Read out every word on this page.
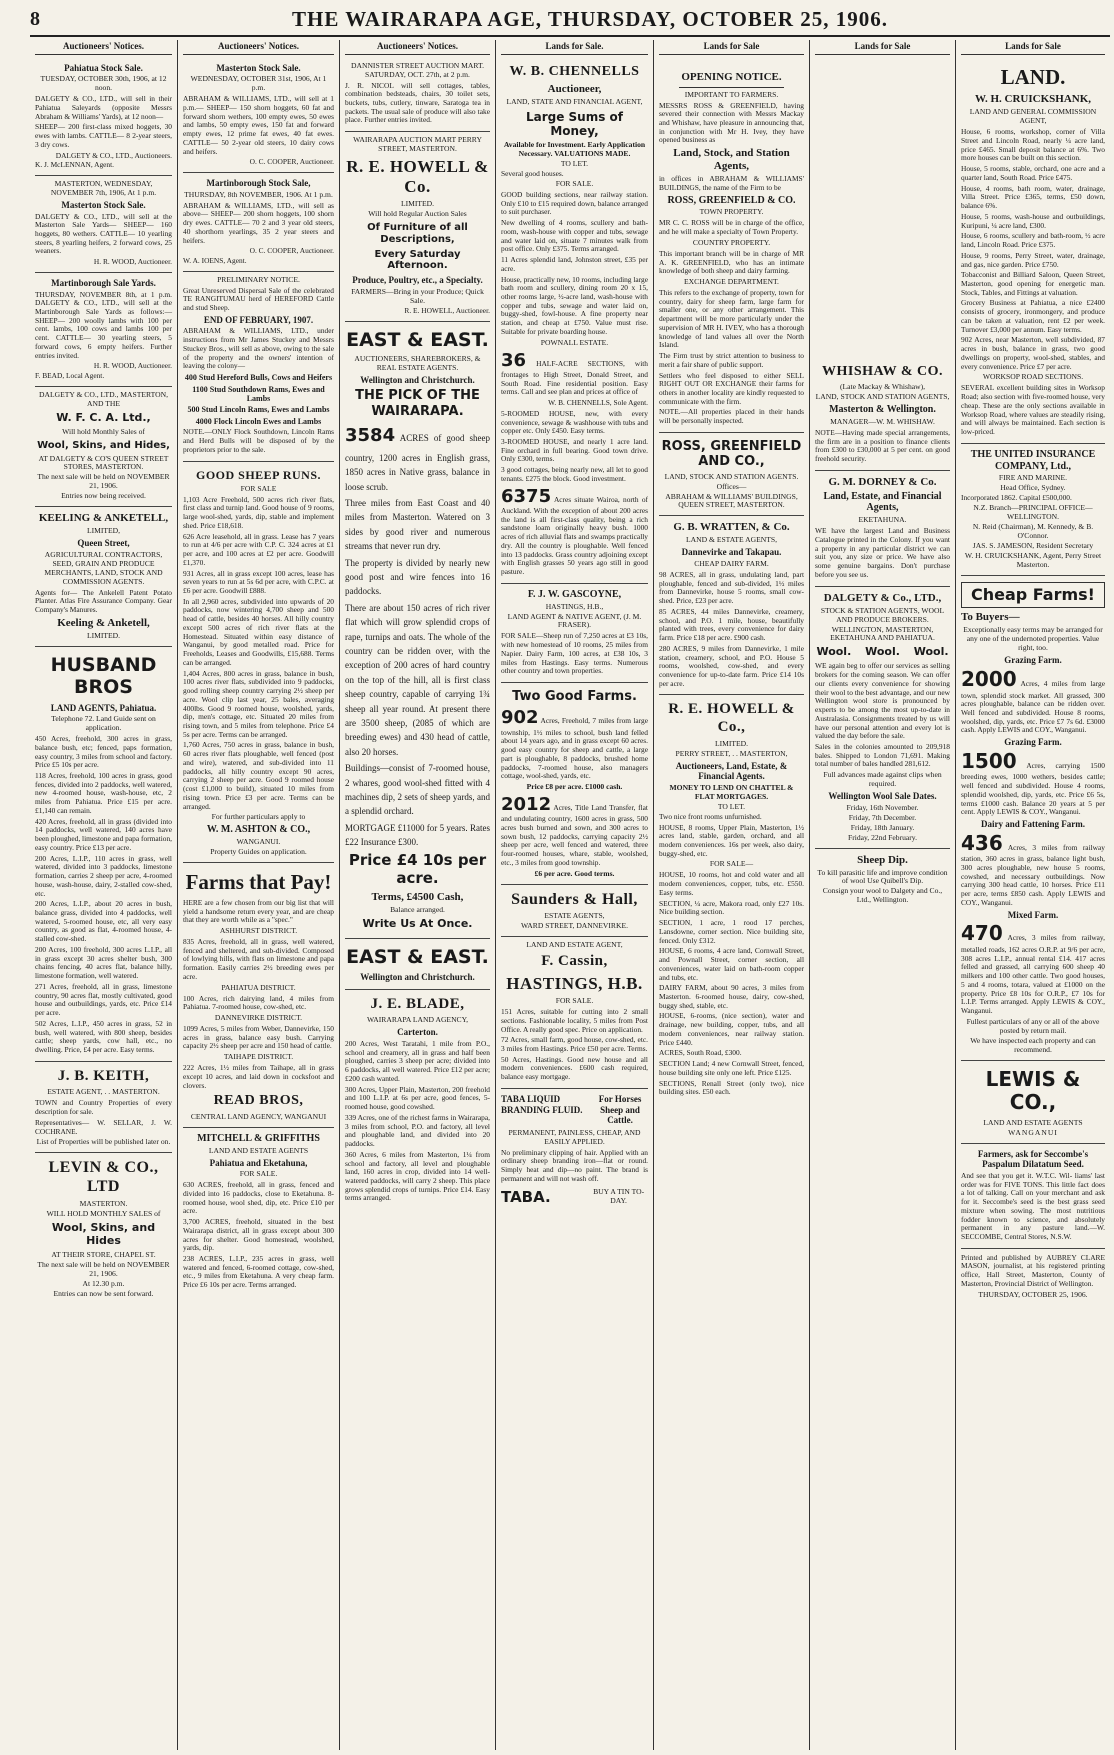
8	THE WAIRARAPA AGE, THURSDAY, OCTOBER 25, 1906.
Auctioneers' Notices.
Pahiatua Stock Sale.
TUESDAY, OCTOBER 30th, 1906, at 12 noon.
DALGETY & CO., LTD., will sell in their Pahiatua Saleyards (opposite Messrs Abraham & Williams' Yards), at 12 noon—
SHEEP— 200 first-class mixed hoggets, 30 ewes with lambs. CATTLE— 8 2-year steers, 3 dry cows.
DALGETY & CO., LTD., Auctioneers.
K. J. McLENNAN, Agent.
MASTERTON, WEDNESDAY, NOVEMBER 7th, 1906, At 1 p.m.
Masterton Stock Sale.
DALGETY & CO., LTD., will sell at the Masterton Sale Yards— SHEEP— 160 hoggets, 80 wethers. CATTLE— 10 yearling steers, 8 yearling heifers, 2 forward cows, 25 weaners.
H. R. WOOD, Auctioneer.
Martinborough Sale Yards.
THURSDAY, NOVEMBER 8th, at 1 p.m. DALGETY & CO., LTD., will sell at the Martinborough Sale Yards as follows:— SHEEP— 200 woolly lambs with 100 per cent. lambs, 100 cows and lambs 100 per cent. CATTLE— 30 yearling steers, 5 forward cows, 6 empty heifers. Further entries invited.
H. R. WOOD, Auctioneer.
F. BEAD, Local Agent.
DALGETY & CO., LTD., MASTERTON, AND THE
W. F. C. A. Ltd.,
Will hold Monthly Sales of
Wool, Skins, and Hides,
AT DALGETY & CO'S QUEEN STREET STORES, MASTERTON.
The next sale will be held on NOVEMBER 21, 1906.
Entries now being received.
KEELING & ANKETELL,
LIMITED,
Queen Street,
AGRICULTURAL CONTRACTORS, SEED, GRAIN AND PRODUCE MERCHANTS, LAND, STOCK AND COMMISSION AGENTS.
Agents for— The Ankelell Patent Potato Planter. Atlas Fire Assurance Company. Gear Company's Manures.
Keeling & Anketell,
LIMITED.
HUSBAND BROS
LAND AGENTS, Pahiatua.
Telephone 72. Land Guide sent on application.
450 Acres, freehold, 300 acres in grass, balance bush, etc; fenced, paps formation, easy country, 3 miles from school and factory. Price £5 10s per acre.
118 Acres, freehold, 100 acres in grass, good fences, divided into 2 paddocks, well watered, new 4-roomed house, wash-house, etc, 2 miles from Pahiatua. Price £15 per acre. £1,140 can remain.
420 Acres, freehold, all in grass (divided into 14 paddocks, well watered, 140 acres have been ploughed, limestone and papa formation, easy country. Price £13 per acre.
200 Acres, L.I.P., 110 acres in grass, well watered, divided into 3 paddocks, limestone formation, carries 2 sheep per acre, 4-roomed house, wash-house, dairy, 2-stalled cow-shed, etc.
200 Acres, L.I.P., about 20 acres in bush, balance grass, divided into 4 paddocks, well watered, 5-roomed house, etc, all very easy country, as good as flat, 4-roomed house, 4-stalled cow-shed.
200 Acres, 100 freehold, 300 acres L.I.P., all in grass except 30 acres shelter bush, 300 chains fencing, 40 acres flat, balance hilly, limestone formation, well watered.
271 Acres, freehold, all in grass, limestone country, 90 acres flat, mostly cultivated, good house and outbuildings, yards, etc. Price £14 per acre.
502 Acres, L.I.P., 450 acres in grass, 52 in bush, well watered, with 800 sheep, besides cattle; sheep yards, cow hall, etc., no dwelling. Price, £4 per acre. Easy terms.
J. B. KEITH,
ESTATE AGENT, . . MASTERTON.
TOWN and Country Properties of every description for sale.
Representatives— W. SELLAR, J. W. COCHRANE.
List of Properties will be published later on.
LEVIN & CO., LTD
MASTERTON.
WILL HOLD MONTHLY SALES of
Wool, Skins, and Hides
AT THEIR STORE, CHAPEL ST.
The next sale will be held on NOVEMBER 21, 1906.
At 12.30 p.m.
Entries can now be sent forward.
Auctioneers' Notices.
Masterton Stock Sale.
WEDNESDAY, OCTOBER 31st, 1906, At 1 p.m.
ABRAHAM & WILLIAMS, LTD., will sell at 1 p.m.— SHEEP— 150 shorn hoggets, 60 fat and forward shorn wethers, 100 empty ewes, 50 ewes and lambs, 50 empty ewes, 150 fat and forward empty ewes, 12 prime fat ewes, 40 fat ewes. CATTLE— 50 2-year old steers, 10 dairy cows and heifers.
O. C. COOPER, Auctioneer.
Martinborough Stock Sale,
THURSDAY, 8th NOVEMBER, 1906. At 1 p.m.
ABRAHAM & WILLIAMS, LTD., will sell as above— SHEEP— 200 shorn hoggets, 100 shorn dry ewes. CATTLE— 70 2 and 3 year old steers, 40 shorthorn yearlings, 35 2 year steers and heifers.
O. C. COOPER, Auctioneer.
W. A. IOENS, Agent.
PRELIMINARY NOTICE.
Great Unreserved Dispersal Sale of the celebrated TE RANGITUMAU herd of HEREFORD Cattle and stud Sheep.
END OF FEBRUARY, 1907.
ABRAHAM & WILLIAMS, LTD., under instructions from Mr James Stuckey and Messrs Stuckey Bros., will sell as above, owing to the sale of the property and the owners' intention of leaving the colony—
400 Stud Hereford Bulls, Cows and Heifers
1100 Stud Southdown Rams, Ewes and Lambs
500 Stud Lincoln Rams, Ewes and Lambs
4000 Flock Lincoln Ewes and Lambs
NOTE.—ONLY Flock Southdown, Lincoln Rams and Herd Bulls will be disposed of by the proprietors prior to the sale.
GOOD SHEEP RUNS.
FOR SALE
1,103 Acre Freehold, 500 acres rich river flats, first class and turnip land. Good house of 9 rooms, large wool-shed, yards, dip, stable and implement shed. Price £18,618.
626 Acre leasehold, all in grass. Lease has 7 years to run at 4/6 per acre with C.P. C. 324 acres at £1 per acre, and 100 acres at £2 per acre. Goodwill £1,370.
931 Acres, all in grass except 100 acres, lease has seven years to run at 5s 6d per acre, with C.P.C. at £6 per acre. Goodwill £888.
In all 2,960 acres, subdivided into upwards of 20 paddocks, now wintering 4,700 sheep and 500 head of cattle, besides 40 horses. All hilly country except 500 acres of rich river flats at the Homestead. Situated within easy distance of Wanganui, by good metalled road. Price for Freeholds, Leases and Goodwills, £15,688. Terms can be arranged.
1,404 Acres, 800 acres in grass, balance in bush, 100 acres river flats, subdivided into 9 paddocks, good rolling sheep country carrying 2½ sheep per acre. Wool clip last year, 25 bales, averaging 400lbs. Good 9 roomed house, woolshed, yards, dip, men's cottage, etc. Situated 20 miles from rising town, and 5 miles from telephone. Price £4 5s per acre. Terms can be arranged.
1,760 Acres, 750 acres in grass, balance in bush, 60 acres river flats ploughable, well fenced (post and wire), watered, and sub-divided into 11 paddocks, all hilly country except 90 acres, carrying 2 sheep per acre. Good 9 roomed house (cost £1,000 to build), situated 10 miles from rising town. Price £3 per acre. Terms can be arranged.
For further particulars apply to
W. M. ASHTON & CO.,
WANGANUI.
Property Guides on application.
Farms that Pay!
HERE are a few chosen from our big list that will yield a handsome return every year, and are cheap that they are worth while as a "spec."
ASHHURST DISTRICT.
835 Acres, freehold, all in grass, well watered, fenced and sheltered, and sub-divided. Composed of lowlying hills, with flats on limestone and papa formation. Easily carries 2½ breeding ewes per acre.
PAHIATUA DISTRICT.
100 Acres, rich dairying land, 4 miles from Pahiatua. 7-roomed house, cow-shed, etc.
DANNEVIRKE DISTRICT.
1099 Acres, 5 miles from Weber, Dannevirke, 150 acres in grass, balance easy bush. Carrying capacity 2½ sheep per acre and 150 head of cattle.
TAIHAPE DISTRICT.
222 Acres, 1½ miles from Taihape, all in grass except 10 acres, and laid down in cocksfoot and clovers.
READ BROS,
CENTRAL LAND AGENCY, WANGANUI
MITCHELL & GRIFFITHS
LAND AND ESTATE AGENTS
Pahiatua and Eketahuna,
FOR SALE.
630 ACRES, freehold, all in grass, fenced and divided into 16 paddocks, close to Eketahuna. 8-roomed house, wool shed, dip, etc. Price £10 per acre.
3,700 ACRES, freehold, situated in the best Wairarapa district, all in grass except about 300 acres for shelter. Good homestead, woolshed, yards, dip.
238 ACRES, L.I.P., 235 acres in grass, well watered and fenced, 6-roomed cottage, cow-shed, etc., 9 miles from Eketahuna. A very cheap farm. Price £6 10s per acre. Terms arranged.
Auctioneers' Notices.
DANNISTER STREET AUCTION MART. SATURDAY, OCT. 27th, at 2 p.m.
J. R. NICOL will sell cottages, tables, combination bedsteads, chairs, 30 toilet sets, buckets, tubs, cutlery, tinware, Saratoga tea in packets. The usual sale of produce will also take place. Further entries invited.
WAIRARAPA AUCTION MART PERRY STREET, MASTERTON.
R. E. HOWELL & Co.
LIMITED.
Will hold Regular Auction Sales
Of Furniture of all Descriptions,
Every Saturday Afternoon.
Produce, Poultry, etc., a Specialty.
FARMERS—Bring in your Produce; Quick Sale.
R. E. HOWELL, Auctioneer.
EAST & EAST.
AUCTIONEERS, SHAREBROKERS, & REAL ESTATE AGENTS.
Wellington and Christchurch.
THE PICK OF THE WAIRARAPA.
3584 ACRES of good sheep country, 1200 acres in English grass, 1850 acres in Native grass, balance in loose scrub.
Three miles from East Coast and 40 miles from Masterton. Watered on 3 sides by good river and numerous streams that never run dry.
The property is divided by nearly new good post and wire fences into 16 paddocks.
There are about 150 acres of rich river flat which will grow splendid crops of rape, turnips and oats. The whole of the country can be ridden over, with the exception of 200 acres of hard country on the top of the hill, all is first class sheep country, capable of carrying 1¾ sheep all year round. At present there are 3500 sheep, (2085 of which are breeding ewes) and 430 head of cattle, also 20 horses.
Buildings—consist of 7-roomed house, 2 whares, good wool-shed fitted with 4 machines dip, 2 sets of sheep yards, and a splendid orchard.
MORTGAGE £11000 for 5 years. Rates £22 Insurance £300.
Price £4 10s per acre.
Terms, £4500 Cash,
Balance arranged.
Write Us At Once.
EAST & EAST.
Wellington and Christchurch.
J. E. BLADE,
WAIRARAPA LAND AGENCY,
Carterton.
200 Acres, West Taratahi, 1 mile from P.O., school and creamery, all in grass and half been ploughed, carries 3 sheep per acre; divided into 6 paddocks, all well watered. Price £12 per acre; £200 cash wanted.
300 Acres, Upper Plain, Masterton, 200 freehold and 100 L.I.P. at 6s per acre, good fences, 5-roomed house, good cowshed.
339 Acres, one of the richest farms in Wairarapa, 3 miles from school, P.O. and factory, all level and ploughable land, and divided into 20 paddocks.
360 Acres, 6 miles from Masterton, 1¼ from school and factory, all level and ploughable land, 160 acres in crop, divided into 14 well-watered paddocks, will carry 2 sheep. This place grows splendid crops of turnips. Price £14. Easy terms arranged.
Lands for Sale.
W. B. CHENNELLS
Auctioneer,
LAND, STATE AND FINANCIAL AGENT,
Large Sums of Money,
Available for Investment. Early Application Necessary. VALUATIONS MADE.
TO LET.
Several good houses.
FOR SALE.
GOOD building sections, near railway station. Only £10 to £15 required down, balance arranged to suit purchaser.
New dwelling of 4 rooms, scullery and bath-room, wash-house with copper and tubs, sewage and water laid on, situate 7 minutes walk from post office. Only £375. Terms arranged.
11 Acres splendid land, Johnston street, £35 per acre.
House, practically new, 10 rooms, including large bath room and scullery, dining room 20 x 15, other rooms large, ½-acre land, wash-house with copper and tubs, sewage and water laid on, buggy-shed, fowl-house. A fine property near station, and cheap at £750. Value must rise. Suitable for private boarding house.
POWNALL ESTATE.
36 HALF-ACRE SECTIONS, with frontages to High Street, Donald Street, and South Road. Fine residential position. Easy terms. Call and see plan and prices at office of
W. B. CHENNELLS, Sole Agent.
5-ROOMED HOUSE, new, with every convenience, sewage & washhouse with tubs and copper etc. Only £450. Easy terms.
3-ROOMED HOUSE, and nearly 1 acre land. Fine orchard in full bearing. Good town drive. Only £300, terms.
3 good cottages, being nearly new, all let to good tenants. £275 the block. Good investment.
6375 Acres situate Wairoa, north of Auckland. With the exception of about 200 acres the land is all first-class quality, being a rich sandstone loam originally heavy bush. 1000 acres of rich alluvial flats and swamps practically dry. All the country is ploughable. Well fenced into 13 paddocks. Grass country adjoining except with English grasses 50 years ago still in good pasture.
F. J. W. GASCOYNE,
HASTINGS, H.B.,
LAND AGENT & NATIVE AGENT, (J. M. FRASER).
FOR SALE—Sheep run of 7,250 acres at £3 10s, with new homestead of 10 rooms, 25 miles from Napier. Dairy Farm, 100 acres, at £38 10s, 3 miles from Hastings. Easy terms. Numerous other country and town properties.
Two Good Farms.
902 Acres, Freehold, 7 miles from large township, 1½ miles to school, bush land felled about 14 years ago, and in grass except 60 acres. good easy country for sheep and cattle, a large part is ploughable, 8 paddocks, brushed home paddocks, 7-roomed house, also managers cottage, wool-shed, yards, etc.
Price £8 per acre. £1000 cash.
2012 Acres, Title Land Transfer, flat and undulating country, 1600 acres in grass, 500 acres bush burned and sown, and 300 acres to sown bush, 12 paddocks, carrying capacity 2½ sheep per acre, well fenced and watered, three four-roomed houses, whare, stable, woolshed, etc., 3 miles from good township.
£6 per acre. Good terms.
Saunders & Hall,
ESTATE AGENTS,
WARD STREET, DANNEVIRKE.
LAND AND ESTATE AGENT,
F. Cassin,
HASTINGS, H.B.
FOR SALE.
151 Acres, suitable for cutting into 2 small sections. Fashionable locality, 5 miles from Post Office. A really good spec. Price on application.
72 Acres, small farm, good house, cow-shed, etc. 3 miles from Hastings. Price £50 per acre. Terms.
50 Acres, Hastings. Good new house and all modern conveniences. £600 cash required, balance easy mortgage.
TABA LIQUID BRANDING FLUID.
For Horses Sheep and Cattle.
PERMANENT, PAINLESS, CHEAP, AND EASILY APPLIED.
No preliminary clipping of hair. Applied with an ordinary sheep branding iron—flat or round. Simply heat and dip—no paint. The brand is permanent and will not wash off.
TABA.	BUY A TIN TO-DAY.
Lands for Sale
OPENING NOTICE.
IMPORTANT TO FARMERS.
MESSRS ROSS & GREENFIELD, having severed their connection with Messrs Mackay and Whishaw, have pleasure in announcing that, in conjunction with Mr H. Ivey, they have opened business as
Land, Stock, and Station Agents,
in offices in ABRAHAM & WILLIAMS' BUILDINGS, the name of the Firm to be
ROSS, GREENFIELD & CO.
TOWN PROPERTY.
MR C. C. ROSS will be in charge of the office, and he will make a specialty of Town Property.
COUNTRY PROPERTY.
This important branch will be in charge of MR A. K. GREENFIELD, who has an intimate knowledge of both sheep and dairy farming.
EXCHANGE DEPARTMENT.
This refers to the exchange of property, town for country, dairy for sheep farm, large farm for smaller one, or any other arrangement. This department will be more particularly under the supervision of MR H. IVEY, who has a thorough knowledge of land values all over the North Island.
The Firm trust by strict attention to business to merit a fair share of public support.
Settlers who feel disposed to either SELL RIGHT OUT OR EXCHANGE their farms for others in another locality are kindly requested to communicate with the firm.
NOTE.—All properties placed in their hands will be personally inspected.
ROSS, GREENFIELD AND CO.,
LAND, STOCK AND STATION AGENTS.
Offices—
ABRAHAM & WILLIAMS' BUILDINGS, QUEEN STREET, MASTERTON.
G. B. WRATTEN, & Co.
LAND & ESTATE AGENTS,
Dannevirke and Takapau.
CHEAP DAIRY FARM.
98 ACRES, all in grass, undulating land, part ploughable, fenced and sub-divided, 1½ miles from Dannevirke, house 5 rooms, small cow-shed. Price, £23 per acre.
85 ACRES, 44 miles Dannevirke, creamery, school, and P.O. 1 mile, house, beautifully planted with trees, every convenience for dairy farm. Price £18 per acre. £900 cash.
280 ACRES, 9 miles from Dannevirke, 1 mile station, creamery, school, and P.O. House 5 rooms, woolshed, cow-shed, and every convenience for up-to-date farm. Price £14 10s per acre.
R. E. HOWELL & Co.,
LIMITED.
PERRY STREET, . . MASTERTON,
Auctioneers, Land, Estate, & Financial Agents.
MONEY TO LEND ON CHATTEL & FLAT MORTGAGES.
TO LET.
Two nice front rooms unfurnished.
HOUSE, 8 rooms, Upper Plain, Masterton, 1½ acres land, stable, garden, orchard, and all modern conveniences. 16s per week, also dairy, buggy-shed, etc.
FOR SALE—
HOUSE, 10 rooms, hot and cold water and all modern conveniences, copper, tubs, etc. £550. Easy terms.
SECTION, ¼ acre, Makora road, only £27 10s. Nice building section.
SECTION, 1 acre, 1 rood 17 perches, Lansdowne, corner section. Nice building site, fenced. Only £312.
HOUSE, 6 rooms, 4 acre land, Cornwall Street, and Pownall Street, corner section, all conveniences, water laid on bath-room copper and tubs, etc.
DAIRY FARM, about 90 acres, 3 miles from Masterton. 6-roomed house, dairy, cow-shed, buggy shed, stable, etc.
HOUSE, 6-rooms, (nice section), water and drainage, new building, copper, tubs, and all modern conveniences, near railway station. Price £440.
ACRES, South Road, £300.
SECTION Land; 4 new Cornwall Street, fenced, house building site only one left. Price £125.
SECTIONS, Renall Street (only two), nice building sites. £50 each.
Lands for Sale
WHISHAW & CO.
(Late Mackay & Whishaw),
LAND, STOCK AND STATION AGENTS,
Masterton & Wellington.
MANAGER—W. M. WHISHAW.
NOTE—Having made special arrangements, the firm are in a position to finance clients from £300 to £30,000 at 5 per cent. on good freehold security.
G. M. DORNEY & Co.
Land, Estate, and Financial Agents,
EKETAHUNA.
WE have the largest Land and Business Catalogue printed in the Colony. If you want a property in any particular district we can suit you, any size or price. We have also some genuine bargains. Don't purchase before you see us.
DALGETY & Co., LTD.,
STOCK & STATION AGENTS, WOOL AND PRODUCE BROKERS.
WELLINGTON, MASTERTON, EKETAHUNA AND PAHIATUA.
Wool. Wool. Wool.
WE again beg to offer our services as selling brokers for the coming season. We can offer our clients every convenience for showing their wool to the best advantage, and our new Wellington wool store is pronounced by experts to be among the most up-to-date in Australasia. Consignments treated by us will have our personal attention and every lot is valued the day before the sale.
Sales in the colonies amounted to 209,918 bales. Shipped to London 71,691. Making total number of bales handled 281,612.
Full advances made against clips when required.
Wellington Wool Sale Dates.
Friday, 16th November.
Friday, 7th December.
Friday, 18th January.
Friday, 22nd February.
Sheep Dip.
To kill parasitic life and improve condition of wool Use Quibell's Dip.
Consign your wool to Dalgety and Co., Ltd., Wellington.
Lands for Sale
LAND.
W. H. CRUICKSHANK,
LAND AND GENERAL COMMISSION AGENT,
House, 6 rooms, workshop, corner of Villa Street and Lincoln Road, nearly ¼ acre land, price £465. Small deposit balance at 6%. Two more houses can be built on this section.
House, 5 rooms, stable, orchard, one acre and a quarter land, South Road. Price £475.
House, 4 rooms, bath room, water, drainage, Villa Street. Price £365, terms, £50 down, balance 6%.
House, 5 rooms, wash-house and outbuildings, Kuripuni, ¼ acre land, £300.
House, 6 rooms, scullery and bath-room, ½ acre land, Lincoln Road. Price £375.
House, 9 rooms, Perry Street, water, drainage, and gas, nice garden. Price £750.
Tobacconist and Billiard Saloon, Queen Street, Masterton, good opening for energetic man. Stock, Tables, and Fittings at valuation.
Grocery Business at Pahiatua, a nice £2400 consists of grocery, ironmongery, and produce can be taken at valuation, rent £2 per week. Turnover £3,000 per annum. Easy terms.
902 Acres, near Masterton, well subdivided, 87 acres in bush, balance in grass, two good dwellings on property, wool-shed, stables, and every convenience. Price £7 per acre.
WORKSOP ROAD SECTIONS.
SEVERAL excellent building sites in Worksop Road; also section with five-roomed house, very cheap. These are the only sections available in Worksop Road, where values are steadily rising, and will always be maintained. Each section is low-priced.
THE UNITED INSURANCE COMPANY, Ltd.,
FIRE AND MARINE.
Head Office, Sydney.
Incorporated 1862. Capital £500,000.
N.Z. Branch—PRINCIPAL OFFICE—WELLINGTON.
N. Reid (Chairman), M. Kennedy, & B. O'Connor.
JAS. S. JAMESON, Resident Secretary
W. H. CRUICKSHANK, Agent, Perry Street Masterton.
Cheap Farms!
To Buyers—
Exceptionally easy terms may be arranged for any one of the undernoted properties. Value right, too.
Grazing Farm.
2000 Acres, 4 miles from large town, splendid stock market. All grassed, 300 acres ploughable, balance can be ridden over. Well fenced and subdivided. House 8 rooms, woolshed, dip, yards, etc. Price £7 7s 6d. £3000 cash. Apply LEWIS and COY., Wanganui.
Grazing Farm.
1500 Acres, carrying 1500 breeding ewes, 1000 wethers, besides cattle; well fenced and subdivided. House 4 rooms, splendid woolshed, dip, yards, etc. Price £6 5s, terms £1000 cash. Balance 20 years at 5 per cent. Apply LEWIS & COY., Wanganui.
Dairy and Fattening Farm.
436 Acres, 3 miles from railway station, 360 acres in grass, balance light bush, 300 acres ploughable, new house 5 rooms, cowshed, and necessary outbuildings. Now carrying 300 head cattle, 10 horses. Price £11 per acre, terms £850 cash. Apply LEWIS and COY., Wanganui.
Mixed Farm.
470 Acres, 3 miles from railway, metalled roads, 162 acres O.R.P. at 9/6 per acre, 308 acres L.I.P., annual rental £14. 417 acres felled and grassed, all carrying 600 sheep 40 milkers and 100 other cattle. Two good houses, 5 and 4 rooms, totara, valued at £1000 on the property. Price £8 10s for O.R.P., £7 10s for L.I.P. Terms arranged. Apply LEWIS & COY., Wanganui.
Fullest particulars of any or all of the above posted by return mail.
We have inspected each property and can recommend.
LEWIS & CO.,
LAND AND ESTATE AGENTS
WANGANUI
Farmers, ask for Seccombe's Paspalum Dilatatum Seed.
And see that you get it. W.T.C. Wil- liams' last order was for FIVE TONS. This little fact does a lot of talking. Call on your merchant and ask for it. Seccombe's seed is the best grass seed mixture when sowing. The most nutritious fodder known to science, and absolutely permanent in any pasture land.—W. SECCOMBE, Central Stores, N.S.W.
Printed and published by AUBREY CLARE MASON, journalist, at his registered printing office, Hall Street, Masterton, County of Masterton, Provincial District of Wellington.
THURSDAY, OCTOBER 25, 1906.
